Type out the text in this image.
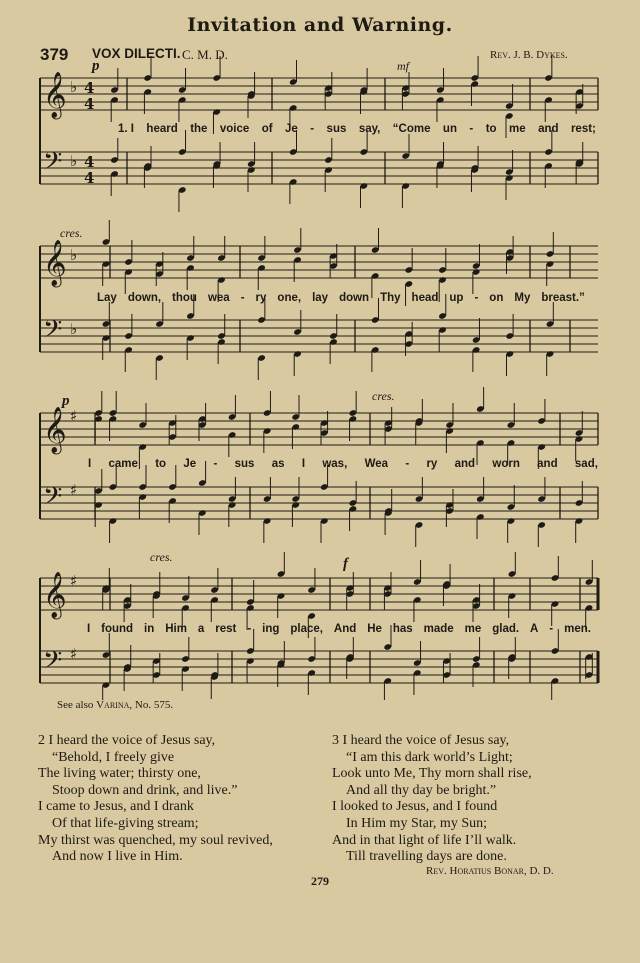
Invitation and Warning.
379 VOX DILECTI. C. M. D.	Rev. J. B. Dykes.
𝄞 ♭ 4
4
𝄢 ♭ 4
4
𝄞 ♭
𝄢 ♭
𝄞 ♯
𝄢 ♯
𝄞 ♯
𝄢 ♯
p	mf
cres.
p	cres.
cres.	f
1. I heard the voice of Je - sus say, “Come un - to me and rest;
Lay down, thou wea - ry one, lay down Thy head up - on My breast.”
I came to Je - sus as I was, Wea - ry and worn and sad,
I found in Him a rest - ing place, And He has made me glad. A - men.
See also Varina, No. 575.
2 I heard the voice of Jesus say,
“Behold, I freely give
The living water; thirsty one,
Stoop down and drink, and live.”
I came to Jesus, and I drank
Of that life-giving stream;
My thirst was quenched, my soul revived,
And now I live in Him.
3 I heard the voice of Jesus say,
“I am this dark world’s Light;
Look unto Me, Thy morn shall rise,
And all thy day be bright.”
I looked to Jesus, and I found
In Him my Star, my Sun;
And in that light of life I’ll walk.
Till travelling days are done.
Rev. Horatius Bonar, D. D.
279
